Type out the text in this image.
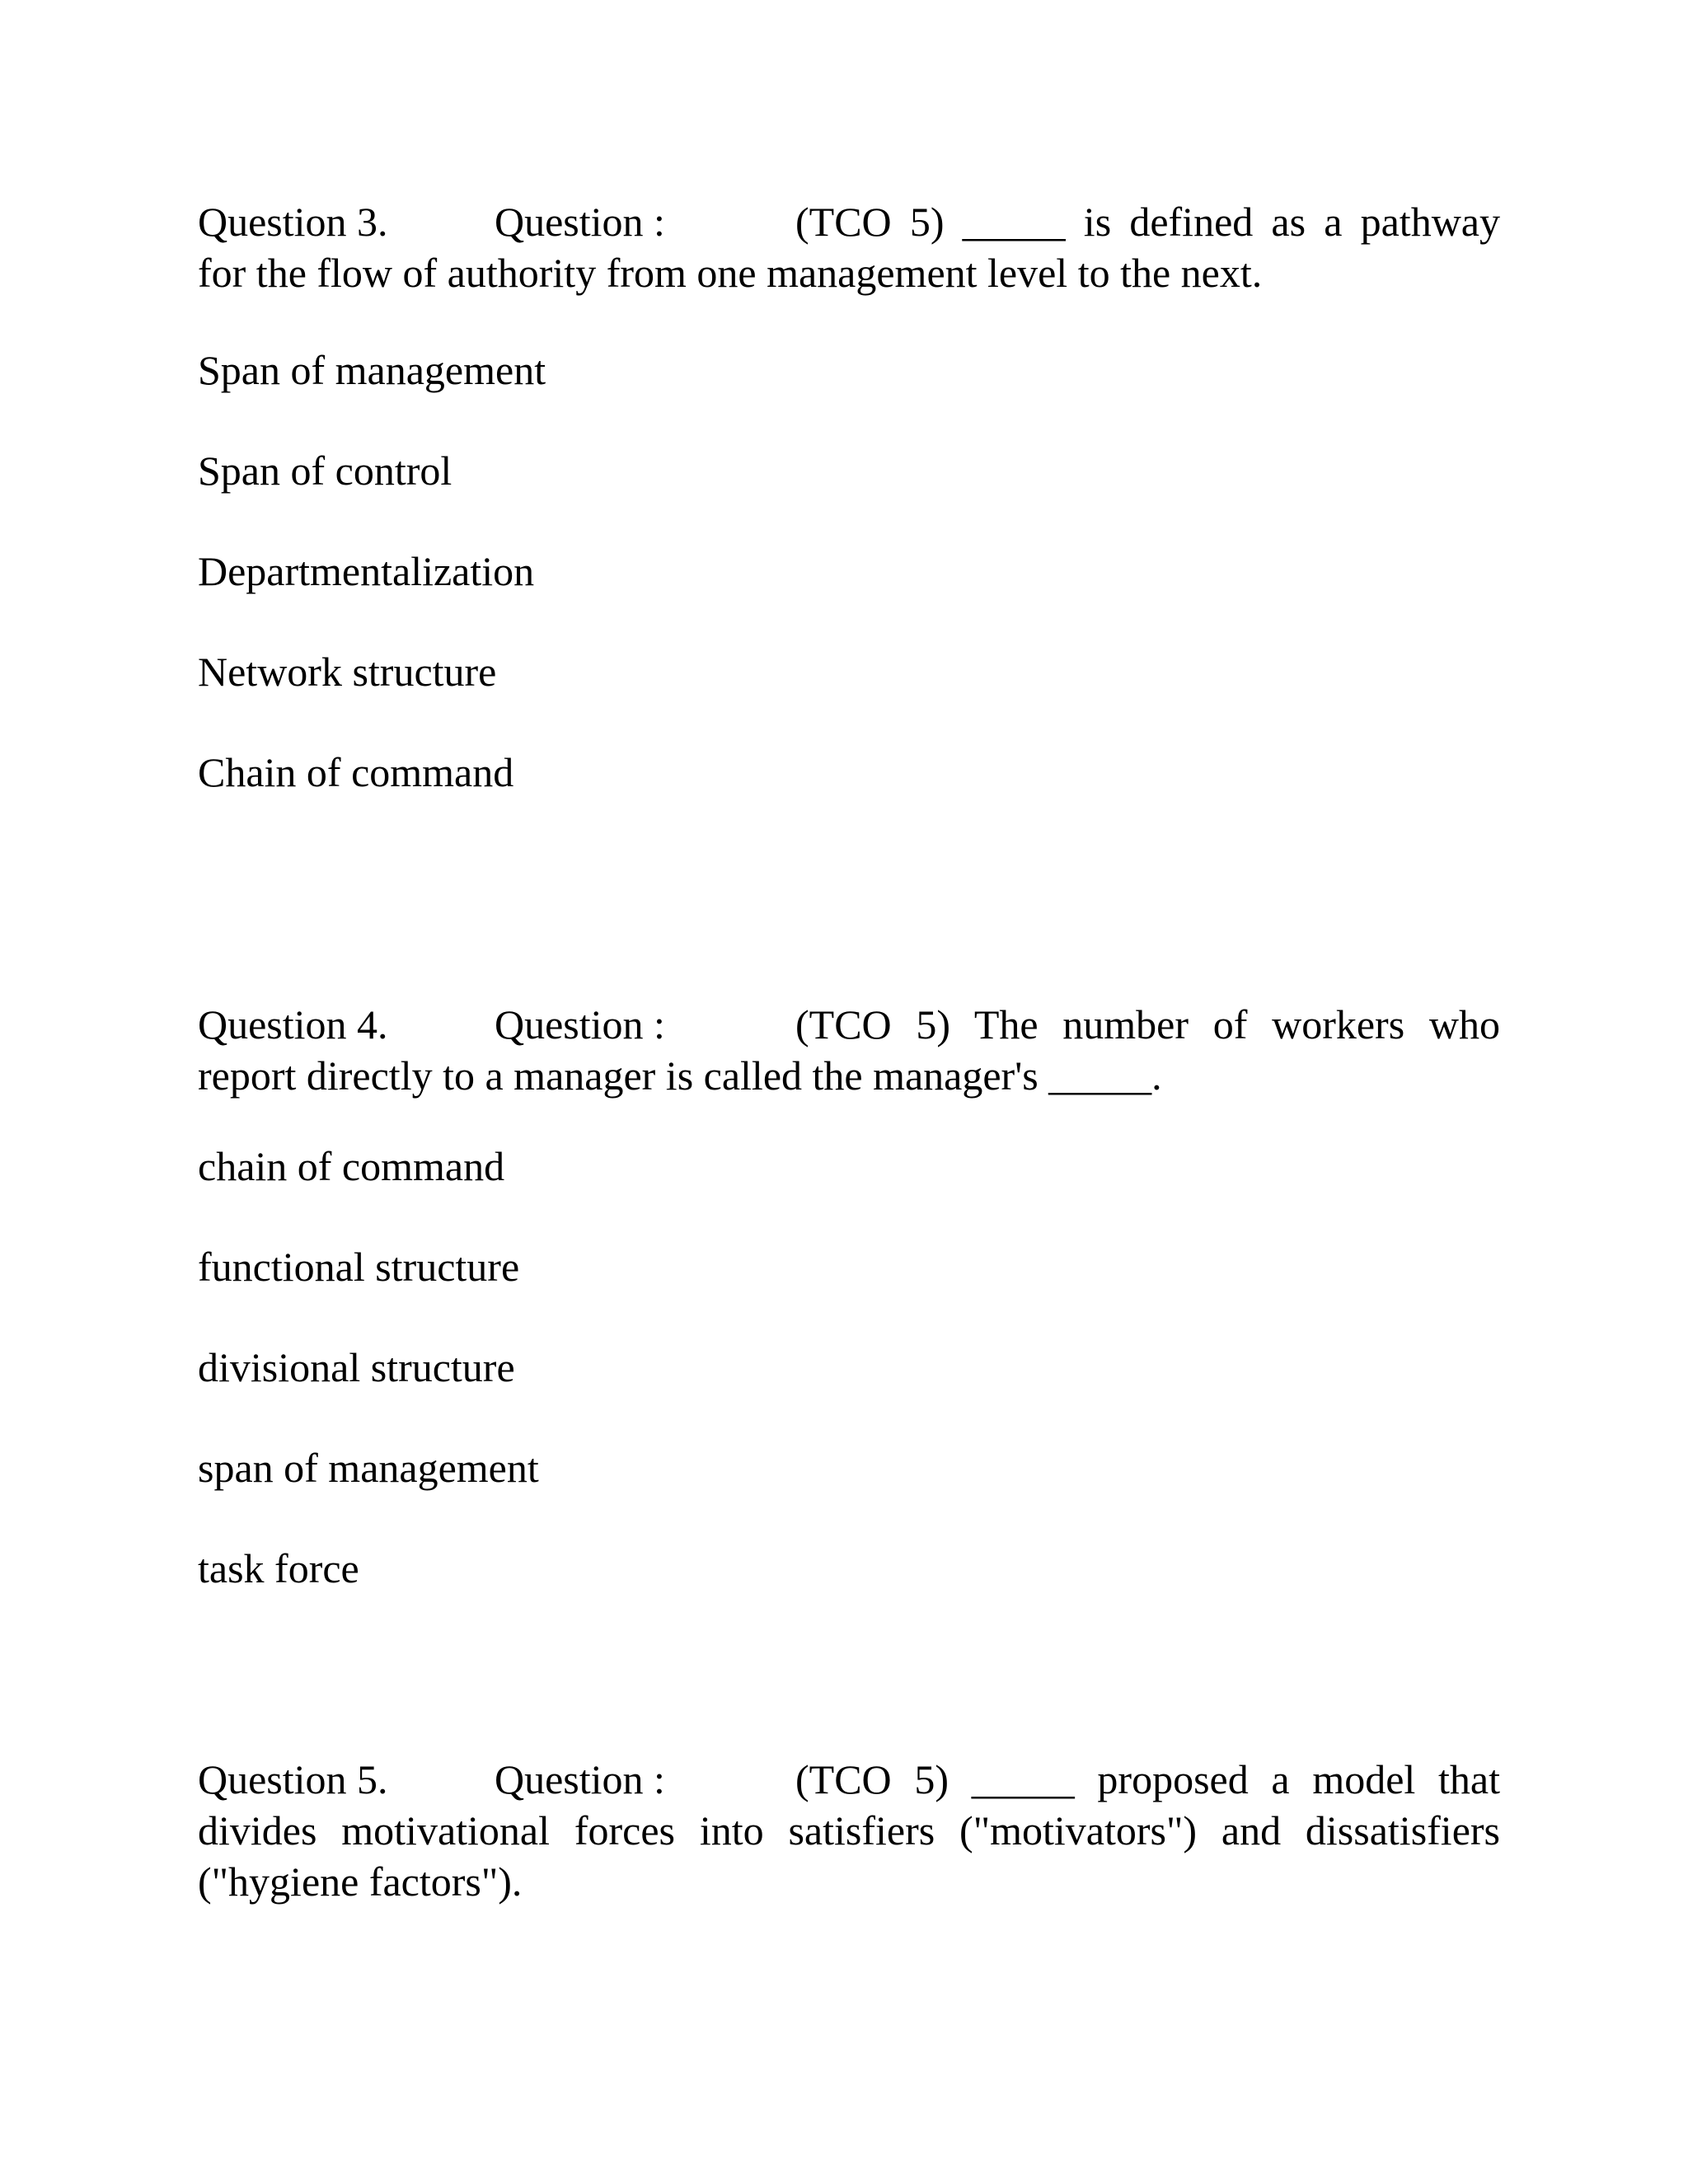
Question 3.	Question :	(TCO 5) _____ is defined as a pathway for the flow of authority from one management level to the next.

Span of management
Span of control
Departmentalization
Network structure
Chain of command

Question 4.	Question :	(TCO 5) The number of workers who report directly to a manager is called the manager's _____.

chain of command
functional structure
divisional structure
span of management
task force

Question 5.	Question :	(TCO 5) _____ proposed a model that divides motivational forces into satisfiers ("motivators") and dissatisfiers ("hygiene factors").
